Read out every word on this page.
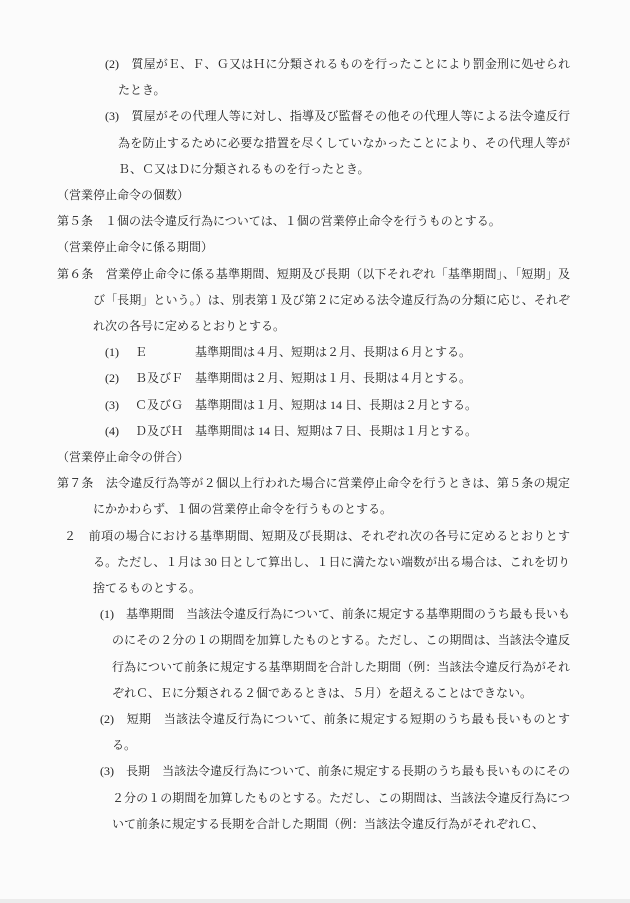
(2)　 質屋がＥ、Ｆ、Ｇ又はＨに分類されるものを行ったことにより罰金刑に処せられたとき。
(3)　 質屋がその代理人等に対し、指導及び監督その他その代理人等による法令違反行為を防止するために必要な措置を尽くしていなかったことにより、その代理人等がＢ、Ｃ又はＤに分類されるものを行ったとき。
（営業停止命令の個数）
第５条　 １個の法令違反行為については、１個の営業停止命令を行うものとする。
（営業停止命令に係る期間）
第６条　 営業停止命令に係る基準期間、短期及び長期（以下それぞれ「基準期間」、「短期」及び「長期」という。）は、別表第１及び第２に定める法令違反行為の分類に応じ、それぞれ次の各号に定めるとおりとする。
(1) Ｅ	基準期間は４月、短期は２月、長期は６月とする。
(2) Ｂ及びＦ 基準期間は２月、短期は１月、長期は４月とする。
(3) Ｃ及びＧ 基準期間は１月、短期は 14 日、長期は２月とする。
(4) Ｄ及びＨ 基準期間は 14 日、短期は７日、長期は１月とする。
（営業停止命令の併合）
第７条　 法令違反行為等が２個以上行われた場合に営業停止命令を行うときは、第５条の規定にかかわらず、１個の営業停止命令を行うものとする。
２　 前項の場合における基準期間、短期及び長期は、それぞれ次の各号に定めるとおりとする。ただし、１月は 30 日として算出し、１日に満たない端数が出る場合は、これを切り捨てるものとする。
(1)　 基準期間　当該法令違反行為について、前条に規定する基準期間のうち最も長いものにその２分の１の期間を加算したものとする。ただし、この期間は、当該法令違反行為について前条に規定する基準期間を合計した期間（例：当該法令違反行為がそれぞれＣ、Ｅに分類される２個であるときは、５月）を超えることはできない。
(2)　 短期　当該法令違反行為について、前条に規定する短期のうち最も長いものとする。
(3)　 長期　当該法令違反行為について、前条に規定する長期のうち最も長いものにその２分の１の期間を加算したものとする。ただし、この期間は、当該法令違反行為について前条に規定する長期を合計した期間（例：当該法令違反行為がそれぞれＣ、
